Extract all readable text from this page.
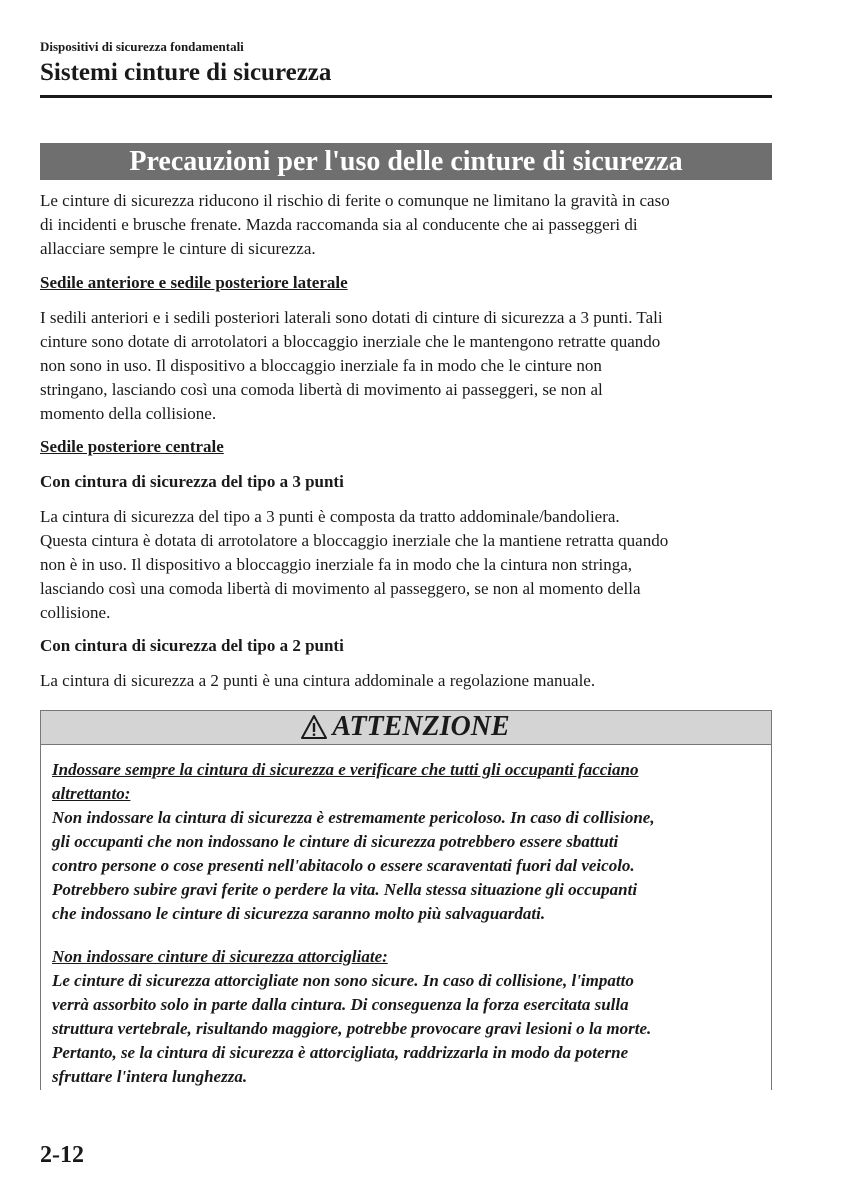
Dispositivi di sicurezza fondamentali
Sistemi cinture di sicurezza
Precauzioni per l'uso delle cinture di sicurezza
Le cinture di sicurezza riducono il rischio di ferite o comunque ne limitano la gravità in caso
di incidenti e brusche frenate. Mazda raccomanda sia al conducente che ai passeggeri di
allacciare sempre le cinture di sicurezza.
Sedile anteriore e sedile posteriore laterale
I sedili anteriori e i sedili posteriori laterali sono dotati di cinture di sicurezza a 3 punti. Tali
cinture sono dotate di arrotolatori a bloccaggio inerziale che le mantengono retratte quando
non sono in uso. Il dispositivo a bloccaggio inerziale fa in modo che le cinture non
stringano, lasciando così una comoda libertà di movimento ai passeggeri, se non al
momento della collisione.
Sedile posteriore centrale
Con cintura di sicurezza del tipo a 3 punti
La cintura di sicurezza del tipo a 3 punti è composta da tratto addominale/bandoliera.
Questa cintura è dotata di arrotolatore a bloccaggio inerziale che la mantiene retratta quando
non è in uso. Il dispositivo a bloccaggio inerziale fa in modo che la cintura non stringa,
lasciando così una comoda libertà di movimento al passeggero, se non al momento della
collisione.
Con cintura di sicurezza del tipo a 2 punti
La cintura di sicurezza a 2 punti è una cintura addominale a regolazione manuale.
ATTENZIONE
Indossare sempre la cintura di sicurezza e verificare che tutti gli occupanti facciano
altrettanto:
Non indossare la cintura di sicurezza è estremamente pericoloso. In caso di collisione,
gli occupanti che non indossano le cinture di sicurezza potrebbero essere sbattuti
contro persone o cose presenti nell'abitacolo o essere scaraventati fuori dal veicolo.
Potrebbero subire gravi ferite o perdere la vita. Nella stessa situazione gli occupanti
che indossano le cinture di sicurezza saranno molto più salvaguardati.
Non indossare cinture di sicurezza attorcigliate:
Le cinture di sicurezza attorcigliate non sono sicure. In caso di collisione, l'impatto
verrà assorbito solo in parte dalla cintura. Di conseguenza la forza esercitata sulla
struttura vertebrale, risultando maggiore, potrebbe provocare gravi lesioni o la morte.
Pertanto, se la cintura di sicurezza è attorcigliata, raddrizzarla in modo da poterne
sfruttare l'intera lunghezza.
2-12
